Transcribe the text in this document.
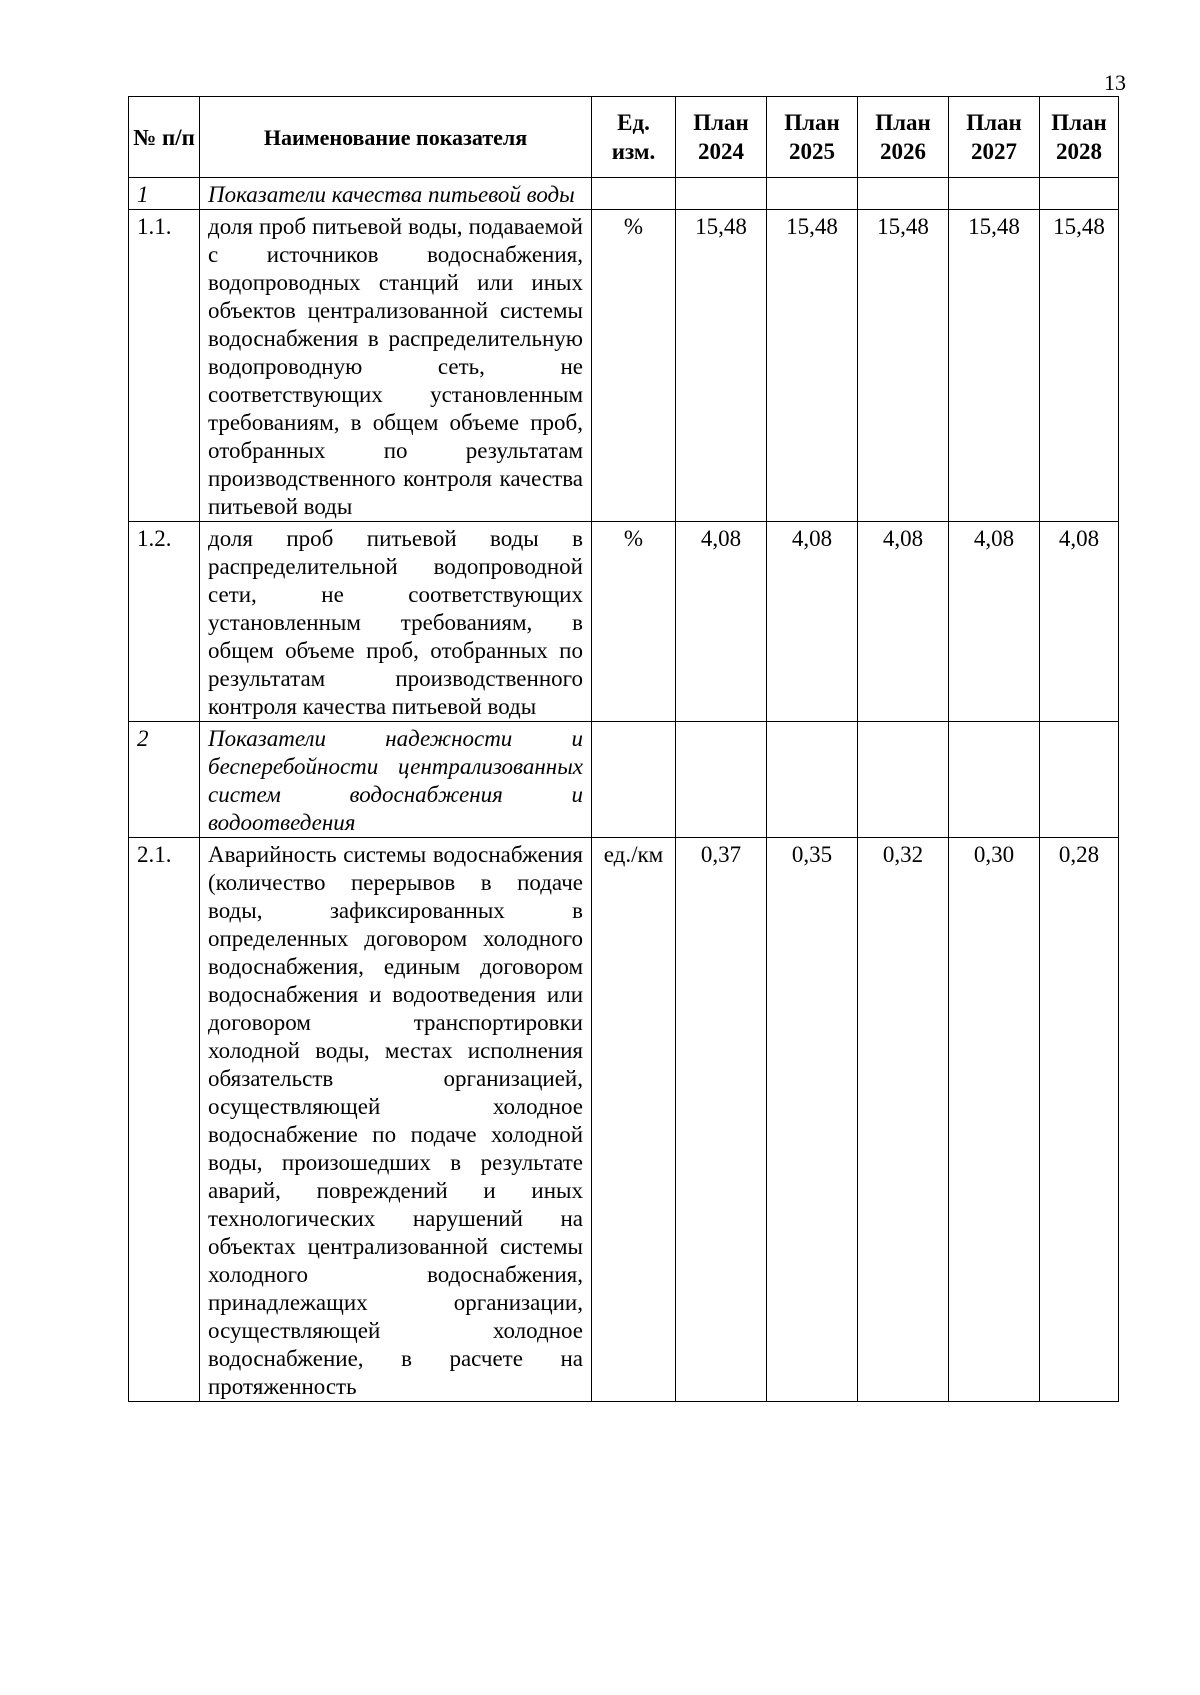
13
№ п/п	Наименование показателя	Ед. изм.	План 2024	План 2025	План 2026	План 2027	План 2028
1	Показатели качества питьевой воды						
1.1.	доля проб питьевой воды, подаваемой с источников водоснабжения, водопроводных станций или иных объектов централизованной системы водоснабжения в распределительную водопроводную сеть, не соответствующих установленным требованиям, в общем объеме проб, отобранных по результатам производственного контроля качества питьевой воды	%	15,48	15,48	15,48	15,48	15,48
1.2.	доля проб питьевой воды в распределительной водопроводной сети, не соответствующих установленным требованиям, в общем объеме проб, отобранных по результатам производственного контроля качества питьевой воды	%	4,08	4,08	4,08	4,08	4,08
2	Показатели надежности и бесперебойности централизованных систем водоснабжения и водоотведения						
2.1.	Аварийность системы водоснабжения (количество перерывов в подаче воды, зафиксированных в определенных договором холодного водоснабжения, единым договором водоснабжения и водоотведения или договором транспортировки холодной воды, местах исполнения обязательств организацией, осуществляющей холодное водоснабжение по подаче холодной воды, произошедших в результате аварий, повреждений и иных технологических нарушений на объектах централизованной системы холодного водоснабжения, принадлежащих организации, осуществляющей холодное водоснабжение, в расчете на протяженность	ед./км	0,37	0,35	0,32	0,30	0,28
